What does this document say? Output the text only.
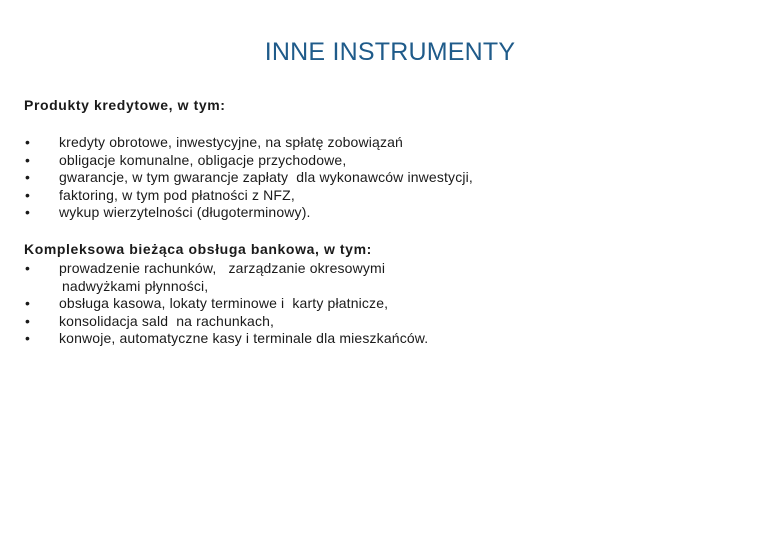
INNE INSTRUMENTY
Produkty kredytowe, w tym:
• kredyty obrotowe, inwestycyjne, na spłatę zobowiązań
• obligacje komunalne, obligacje przychodowe,
• gwarancje, w tym gwarancje zapłaty  dla wykonawców inwestycji,
• faktoring, w tym pod płatności z NFZ,
• wykup wierzytelności (długoterminowy).
Kompleksowa bieżąca obsługa bankowa, w tym:
• prowadzenie rachunków,   zarządzanie okresowymi
nadwyżkami płynności,
• obsługa kasowa, lokaty terminowe i  karty płatnicze,
• konsolidacja sald  na rachunkach,
• konwoje, automatyczne kasy i terminale dla mieszkańców.
